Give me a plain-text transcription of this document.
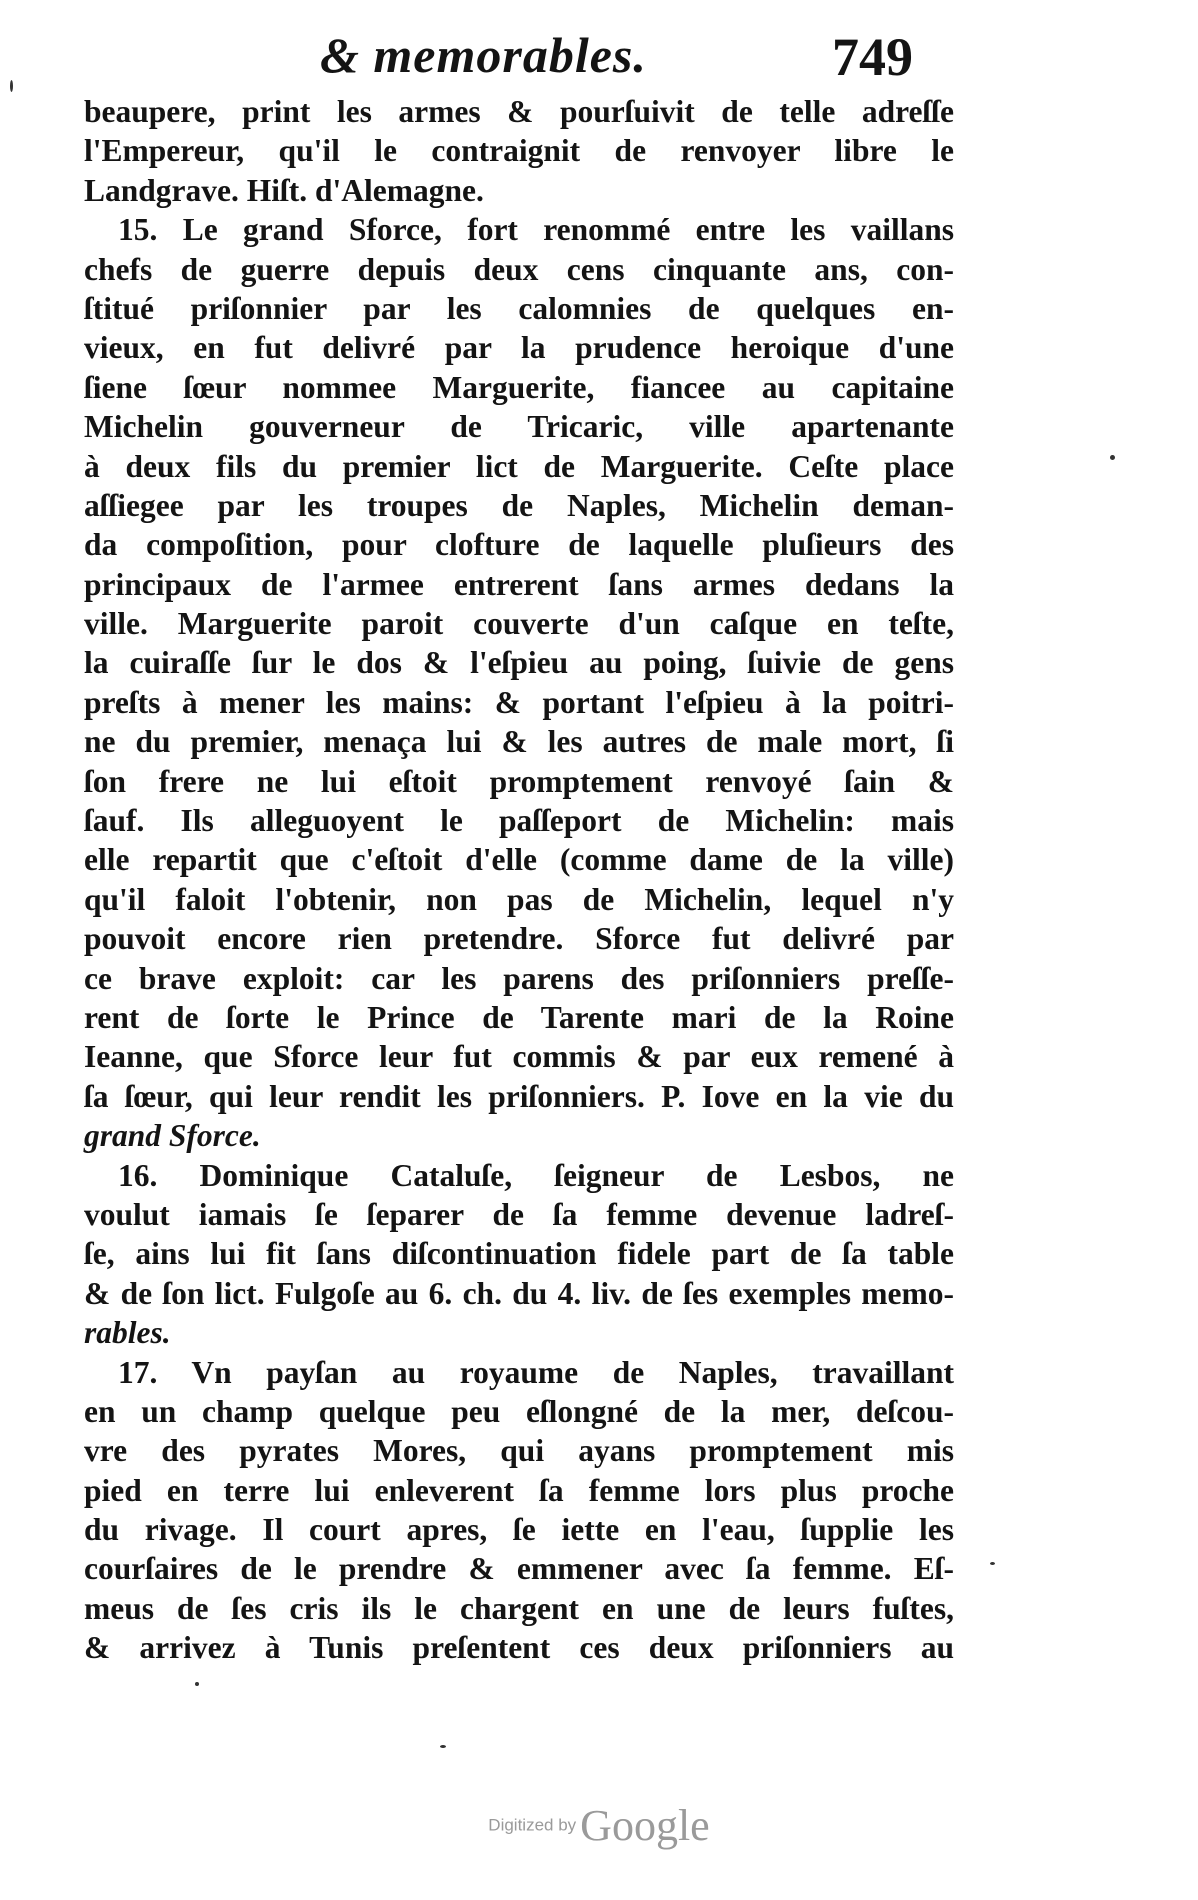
& memorables.	749
beaupere, print les armes & pourſuivit de telle adreſſe
l'Empereur, qu'il le contraignit de renvoyer libre le
Landgrave. Hiſt. d'Alemagne.
15. Le grand Sforce, fort renommé entre les vaillans
chefs de guerre depuis deux cens cinquante ans, con-
ſtitué priſonnier par les calomnies de quelques en-
vieux, en fut delivré par la prudence heroique d'une
ſiene ſœur nommee Marguerite, fiancee au capitaine
Michelin gouverneur de Tricaric, ville apartenante
à deux fils du premier lict de Marguerite. Ceſte place
aſſiegee par les troupes de Naples, Michelin deman-
da compoſition, pour clofture de laquelle pluſieurs des
principaux de l'armee entrerent ſans armes dedans la
ville. Marguerite paroit couverte d'un caſque en teſte,
la cuiraſſe ſur le dos & l'eſpieu au poing, ſuivie de gens
preſts à mener les mains: & portant l'eſpieu à la poitri-
ne du premier, menaça lui & les autres de male mort, ſi
ſon frere ne lui eſtoit promptement renvoyé ſain &
ſauf. Ils alleguoyent le paſſeport de Michelin: mais
elle repartit que c'eſtoit d'elle (comme dame de la ville)
qu'il faloit l'obtenir, non pas de Michelin, lequel n'y
pouvoit encore rien pretendre. Sforce fut delivré par
ce brave exploit: car les parens des priſonniers preſſe-
rent de ſorte le Prince de Tarente mari de la Roine
Ieanne, que Sforce leur fut commis & par eux remené à
ſa ſœur, qui leur rendit les priſonniers. P. Iove en la vie du
grand Sforce.
16. Dominique Cataluſe, ſeigneur de Lesbos, ne
voulut iamais ſe ſeparer de ſa femme devenue ladreſ-
ſe, ains lui fit ſans diſcontinuation fidele part de ſa table
& de ſon lict. Fulgoſe au 6. ch. du 4. liv. de ſes exemples memo-
rables.
17. Vn payſan au royaume de Naples, travaillant
en un champ quelque peu eſlongné de la mer, deſcou-
vre des pyrates Mores, qui ayans promptement mis
pied en terre lui enleverent ſa femme lors plus proche
du rivage. Il court apres, ſe iette en l'eau, ſupplie les
courſaires de le prendre & emmener avec ſa femme. Eſ-
meus de ſes cris ils le chargent en une de leurs fuſtes,
& arrivez à Tunis preſentent ces deux priſonniers au
Digitized by Google
